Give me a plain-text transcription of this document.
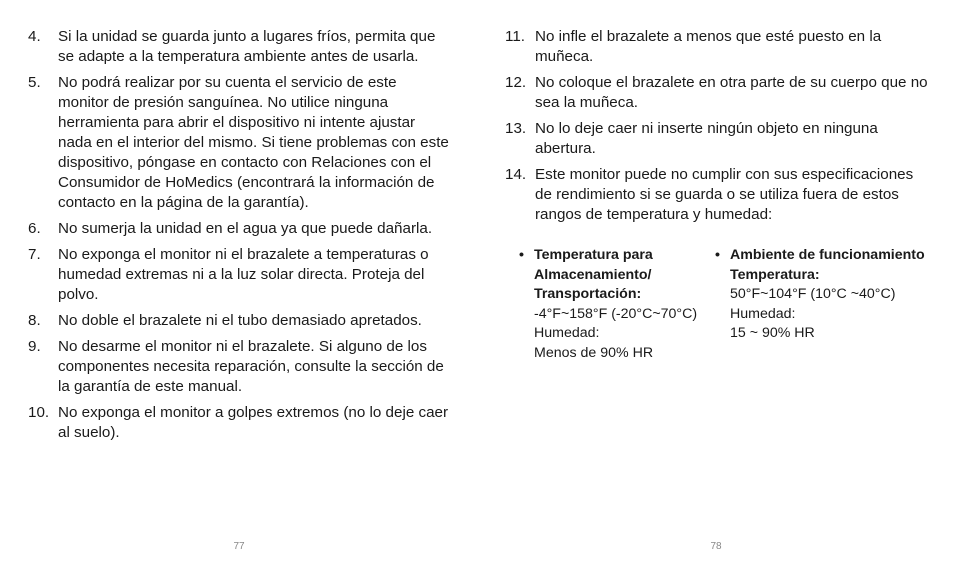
4. Si la unidad se guarda junto a lugares fríos, permita que se adapte a la temperatura ambiente antes de usarla.
5. No podrá realizar por su cuenta el servicio de este monitor de presión sanguínea. No utilice ninguna herramienta para abrir el dispositivo ni intente ajustar nada en el interior del mismo. Si tiene problemas con este dispositivo, póngase en contacto con Relaciones con el Consumidor de HoMedics (encontrará la información de contacto en la página de la garantía).
6. No sumerja la unidad en el agua ya que puede dañarla.
7. No exponga el monitor ni el brazalete a temperaturas o humedad extremas ni a la luz solar directa. Proteja del polvo.
8. No doble el brazalete ni el tubo demasiado apretados.
9. No desarme el monitor ni el brazalete. Si alguno de los componentes necesita reparación, consulte la sección de la garantía de este manual.
10. No exponga el monitor a golpes extremos (no lo deje caer al suelo).
77
11. No infle el brazalete a menos que esté puesto en la muñeca.
12. No coloque el brazalete en otra parte de su cuerpo que no sea la muñeca.
13. No lo deje caer ni inserte ningún objeto en ninguna abertura.
14. Este monitor puede no cumplir con sus especificaciones de rendimiento si se guarda o se utiliza fuera de estos rangos de temperatura y humedad:
• Temperatura para Almacenamiento/ Transportación:
-4°F~158°F (-20°C~70°C)
Humedad:
Menos de 90% HR
• Ambiente de funcionamiento Temperatura:
50°F~104°F (10°C ~40°C)
Humedad:
15 ~ 90% HR
78
